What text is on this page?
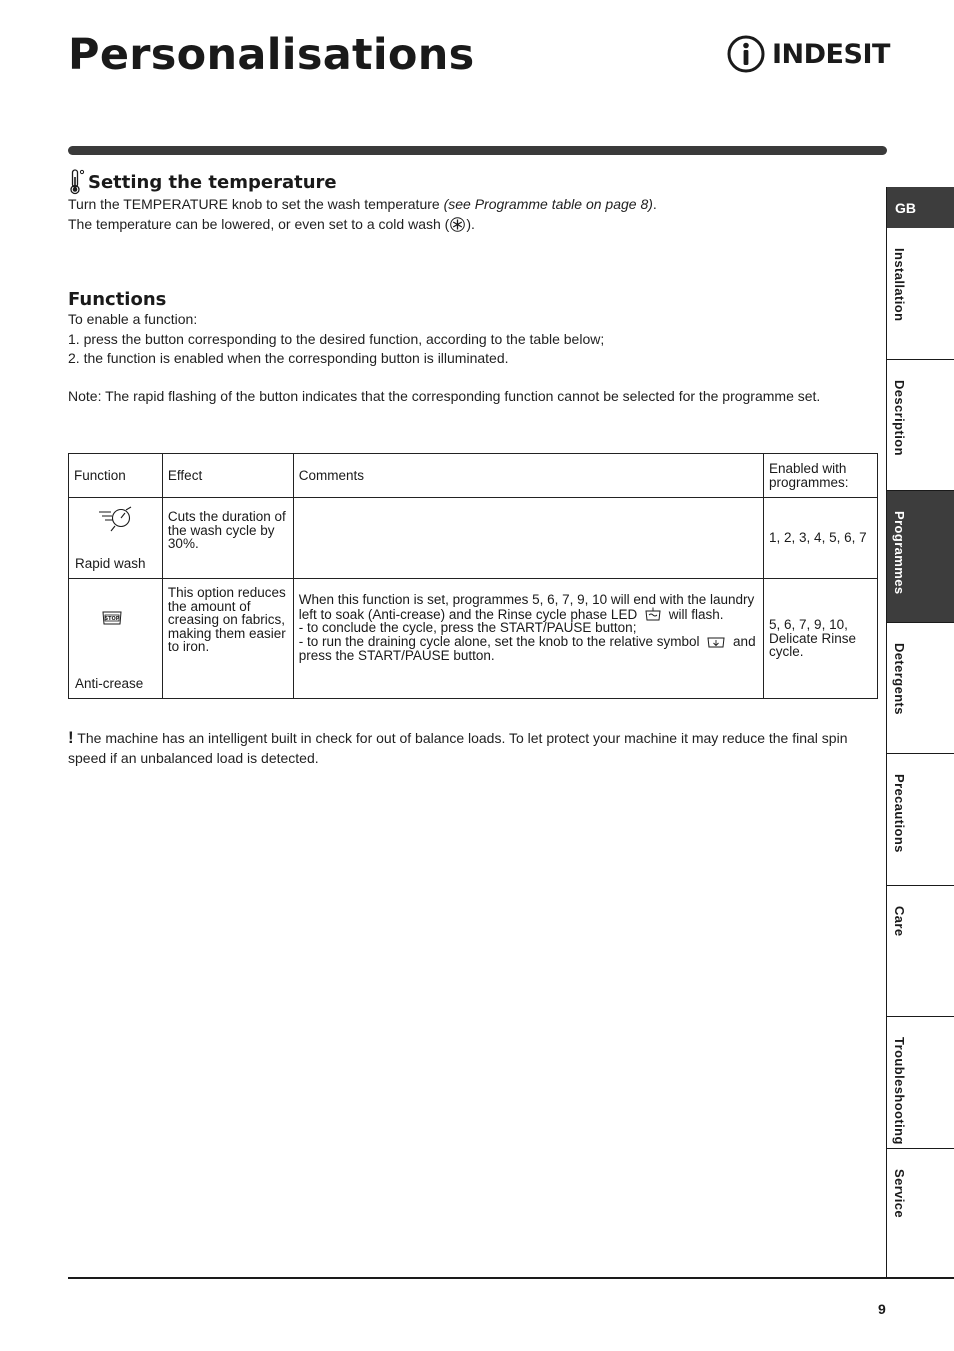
Personalisations	INDESIT
Setting the temperature

Turn the TEMPERATURE knob to set the wash temperature (see Programme table on page 8).

The temperature can be lowered, or even set to a cold wash ( ).

Functions

To enable a function:

1. press the button corresponding to the desired function, according to the table below;

2. the function is enabled when the corresponding button is illuminated.

Note: The rapid flashing of the button indicates that the corresponding function cannot be selected for the programme set.

Function	Effect	Comments	Enabled with programmes:

Rapid wash	Cuts the duration of the wash cycle by 30%.		1, 2, 3, 4, 5, 6, 7

STOP
Anti-crease	This option reduces the amount of creasing on fabrics, making them easier to iron.	When this function is set, programmes 5, 6, 7, 9, 10 will end with the laundry left to soak (Anti-crease) and the Rinse cycle phase LED will flash.
- to conclude the cycle, press the START/PAUSE button;
- to run the draining cycle alone, set the knob to the relative symbol and press the START/PAUSE button.	5, 6, 7, 9, 10, Delicate Rinse cycle.

! The machine has an intelligent built in check for out of balance loads. To let protect your machine it may reduce the final spin speed if an unbalanced load is detected.

GB
Installation
Description
Programmes
Detergents
Precautions
Care
Troubleshooting
Service
9
